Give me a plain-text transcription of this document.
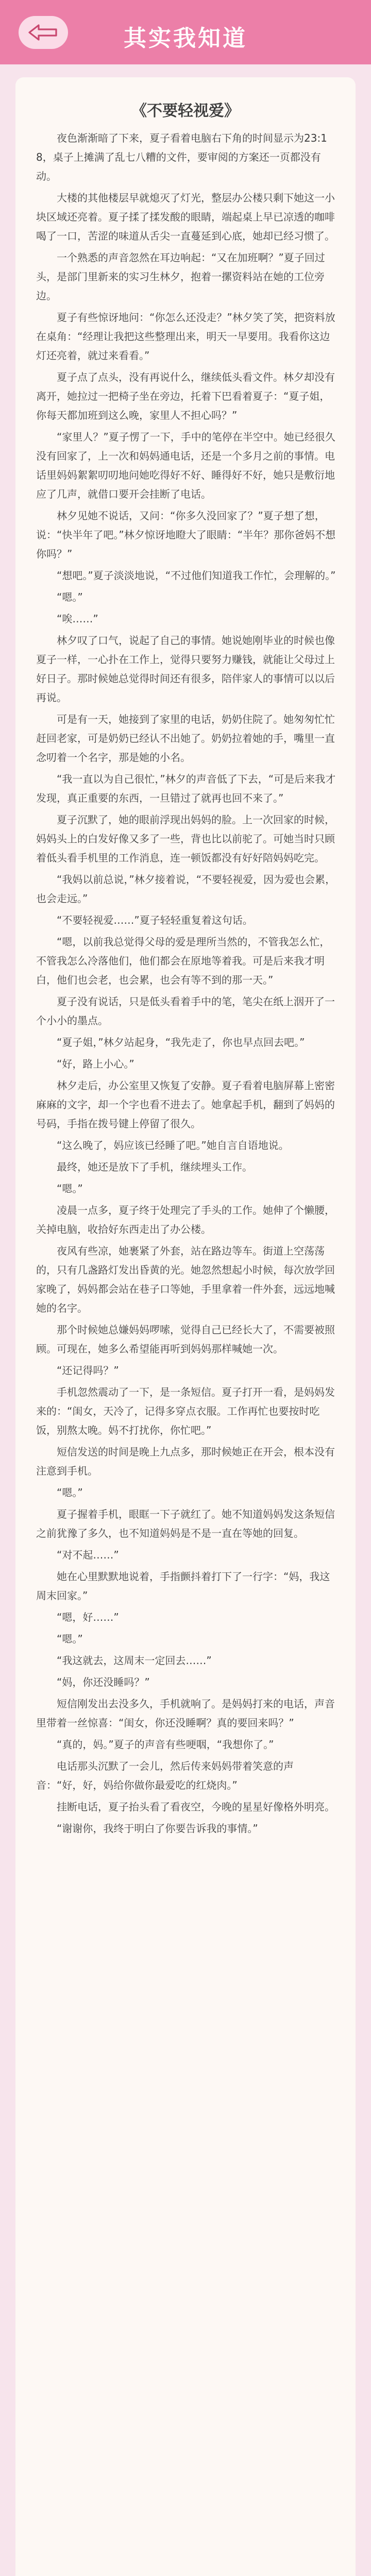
其实我知道
《不要轻视爱》

夜色渐渐暗了下来，夏子看着电脑右下角的时间显示为23:18，桌子上摊满了乱七八糟的文件，要审阅的方案还一页都没有动。

大楼的其他楼层早就熄灭了灯光，整层办公楼只剩下她这一小块区域还亮着。夏子揉了揉发酸的眼睛，端起桌上早已凉透的咖啡喝了一口，苦涩的味道从舌尖一直蔓延到心底，她却已经习惯了。

一个熟悉的声音忽然在耳边响起：“又在加班啊？”夏子回过头，是部门里新来的实习生林夕，抱着一摞资料站在她的工位旁边。

夏子有些惊讶地问：“你怎么还没走？”林夕笑了笑，把资料放在桌角：“经理让我把这些整理出来，明天一早要用。我看你这边灯还亮着，就过来看看。”

夏子点了点头，没有再说什么，继续低头看文件。林夕却没有离开，她拉过一把椅子坐在旁边，托着下巴看着夏子：“夏子姐，你每天都加班到这么晚，家里人不担心吗？”

“家里人？”夏子愣了一下，手中的笔停在半空中。她已经很久没有回家了，上一次和妈妈通电话，还是一个多月之前的事情。电话里妈妈絮絮叨叨地问她吃得好不好、睡得好不好，她只是敷衍地应了几声，就借口要开会挂断了电话。

林夕见她不说话，又问：“你多久没回家了？”夏子想了想，说：“快半年了吧。”林夕惊讶地瞪大了眼睛：“半年？那你爸妈不想你吗？”

“想吧。”夏子淡淡地说，“不过他们知道我工作忙，会理解的。”

“嗯。”

“唉……”

林夕叹了口气，说起了自己的事情。她说她刚毕业的时候也像夏子一样，一心扑在工作上，觉得只要努力赚钱，就能让父母过上好日子。那时候她总觉得时间还有很多，陪伴家人的事情可以以后再说。

可是有一天，她接到了家里的电话，奶奶住院了。她匆匆忙忙赶回老家，可是奶奶已经认不出她了。奶奶拉着她的手，嘴里一直念叨着一个名字，那是她的小名。

“我一直以为自己很忙，”林夕的声音低了下去，“可是后来我才发现，真正重要的东西，一旦错过了就再也回不来了。”

夏子沉默了，她的眼前浮现出妈妈的脸。上一次回家的时候，妈妈头上的白发好像又多了一些，背也比以前驼了。可她当时只顾着低头看手机里的工作消息，连一顿饭都没有好好陪妈妈吃完。

“我妈以前总说，”林夕接着说，“不要轻视爱，因为爱也会累，也会走远。”

“不要轻视爱……”夏子轻轻重复着这句话。

“嗯，以前我总觉得父母的爱是理所当然的，不管我怎么忙，不管我怎么冷落他们，他们都会在原地等着我。可是后来我才明白，他们也会老，也会累，也会有等不到的那一天。”

夏子没有说话，只是低头看着手中的笔，笔尖在纸上洇开了一个小小的墨点。

“夏子姐，”林夕站起身，“我先走了，你也早点回去吧。”

“好，路上小心。”

林夕走后，办公室里又恢复了安静。夏子看着电脑屏幕上密密麻麻的文字，却一个字也看不进去了。她拿起手机，翻到了妈妈的号码，手指在拨号键上停留了很久。

“这么晚了，妈应该已经睡了吧。”她自言自语地说。

最终，她还是放下了手机，继续埋头工作。

“嗯。”

凌晨一点多，夏子终于处理完了手头的工作。她伸了个懒腰，关掉电脑，收拾好东西走出了办公楼。

夜风有些凉，她裹紧了外套，站在路边等车。街道上空荡荡的，只有几盏路灯发出昏黄的光。她忽然想起小时候，每次放学回家晚了，妈妈都会站在巷子口等她，手里拿着一件外套，远远地喊她的名字。

那个时候她总嫌妈妈啰嗦，觉得自己已经长大了，不需要被照顾。可现在，她多么希望能再听到妈妈那样喊她一次。

“还记得吗？”

手机忽然震动了一下，是一条短信。夏子打开一看，是妈妈发来的：“闺女，天冷了，记得多穿点衣服。工作再忙也要按时吃饭，别熬太晚。妈不打扰你，你忙吧。”

短信发送的时间是晚上九点多，那时候她正在开会，根本没有注意到手机。

“嗯。”

夏子握着手机，眼眶一下子就红了。她不知道妈妈发这条短信之前犹豫了多久，也不知道妈妈是不是一直在等她的回复。

“对不起……”

她在心里默默地说着，手指颤抖着打下了一行字：“妈，我这周末回家。”

“嗯，好……”

“嗯。”

“我这就去，这周末一定回去……”

“妈，你还没睡吗？”

短信刚发出去没多久，手机就响了。是妈妈打来的电话，声音里带着一丝惊喜：“闺女，你还没睡啊？真的要回来吗？”

“真的，妈。”夏子的声音有些哽咽，“我想你了。”

电话那头沉默了一会儿，然后传来妈妈带着笑意的声音：“好，好，妈给你做你最爱吃的红烧肉。”

挂断电话，夏子抬头看了看夜空，今晚的星星好像格外明亮。

“谢谢你，我终于明白了你要告诉我的事情。”
